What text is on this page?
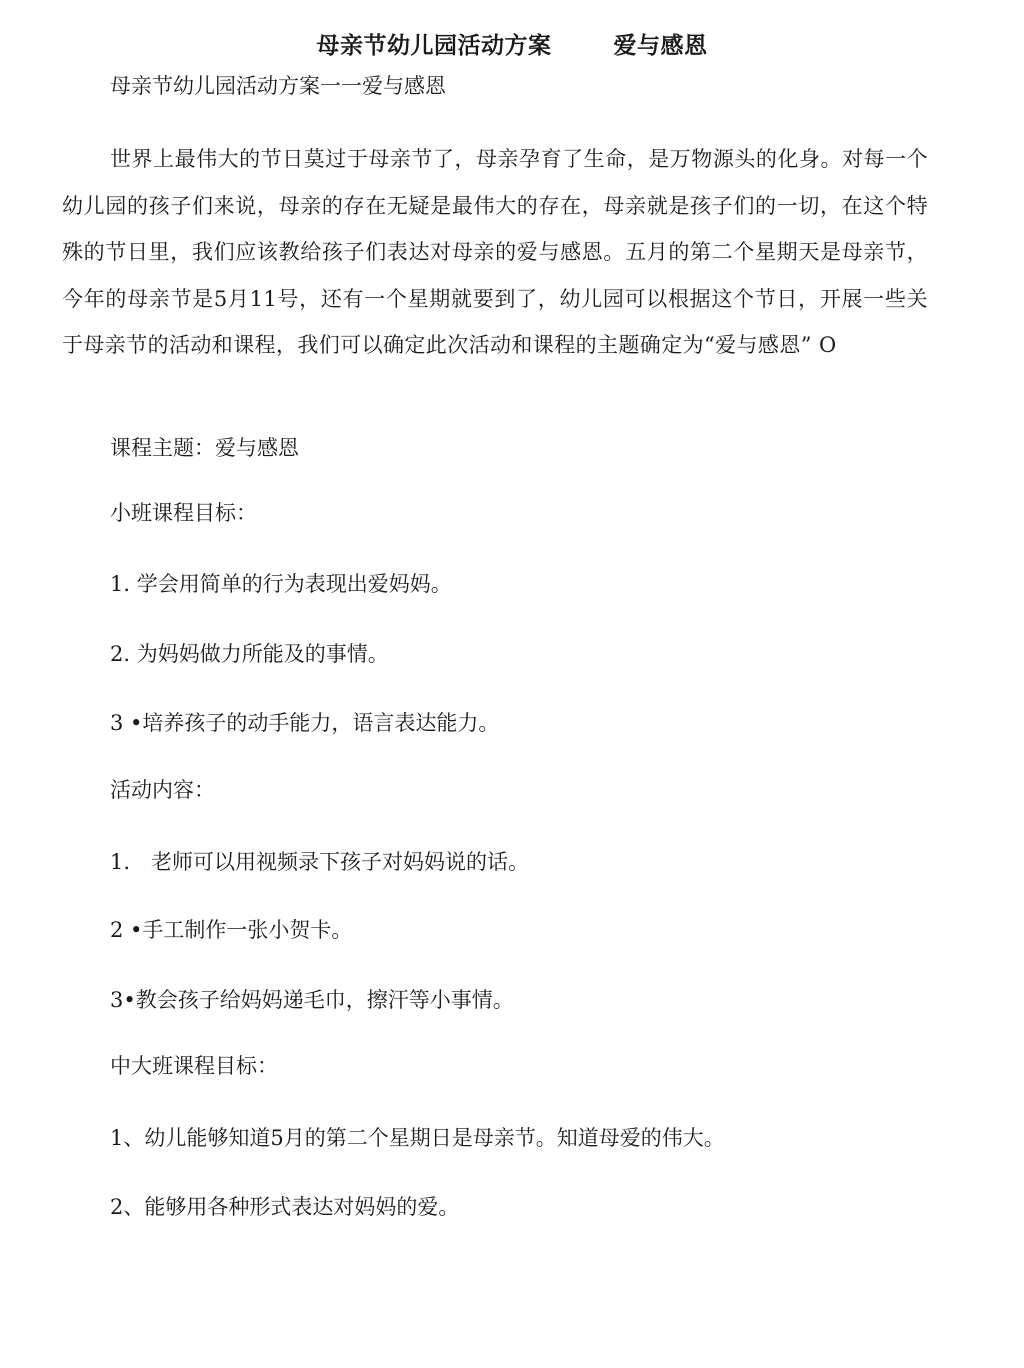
母亲节幼儿园活动方案	爱与感恩
母亲节幼儿园活动方案一一爱与感恩
世界上最伟大的节日莫过于母亲节了，母亲孕育了生命，是万物源头的化身。对每一个幼儿园的孩子们来说，母亲的存在无疑是最伟大的存在，母亲就是孩子们的一切，在这个特殊的节日里，我们应该教给孩子们表达对母亲的爱与感恩。五月的第二个星期天是母亲节，今年的母亲节是5月11号，还有一个星期就要到了，幼儿园可以根据这个节日，开展一些关于母亲节的活动和课程，我们可以确定此次活动和课程的主题确定为“爱与感恩” O
课程主题：爱与感恩
小班课程目标：
1. 学会用简单的行为表现出爱妈妈。
2. 为妈妈做力所能及的事情。
3 •培养孩子的动手能力，语言表达能力。
活动内容：
1.　老师可以用视频录下孩子对妈妈说的话。
2 •手工制作一张小贺卡。
3•教会孩子给妈妈递毛巾，擦汗等小事情。
中大班课程目标：
1、幼儿能够知道5月的第二个星期日是母亲节。知道母爱的伟大。
2、能够用各种形式表达对妈妈的爱。
